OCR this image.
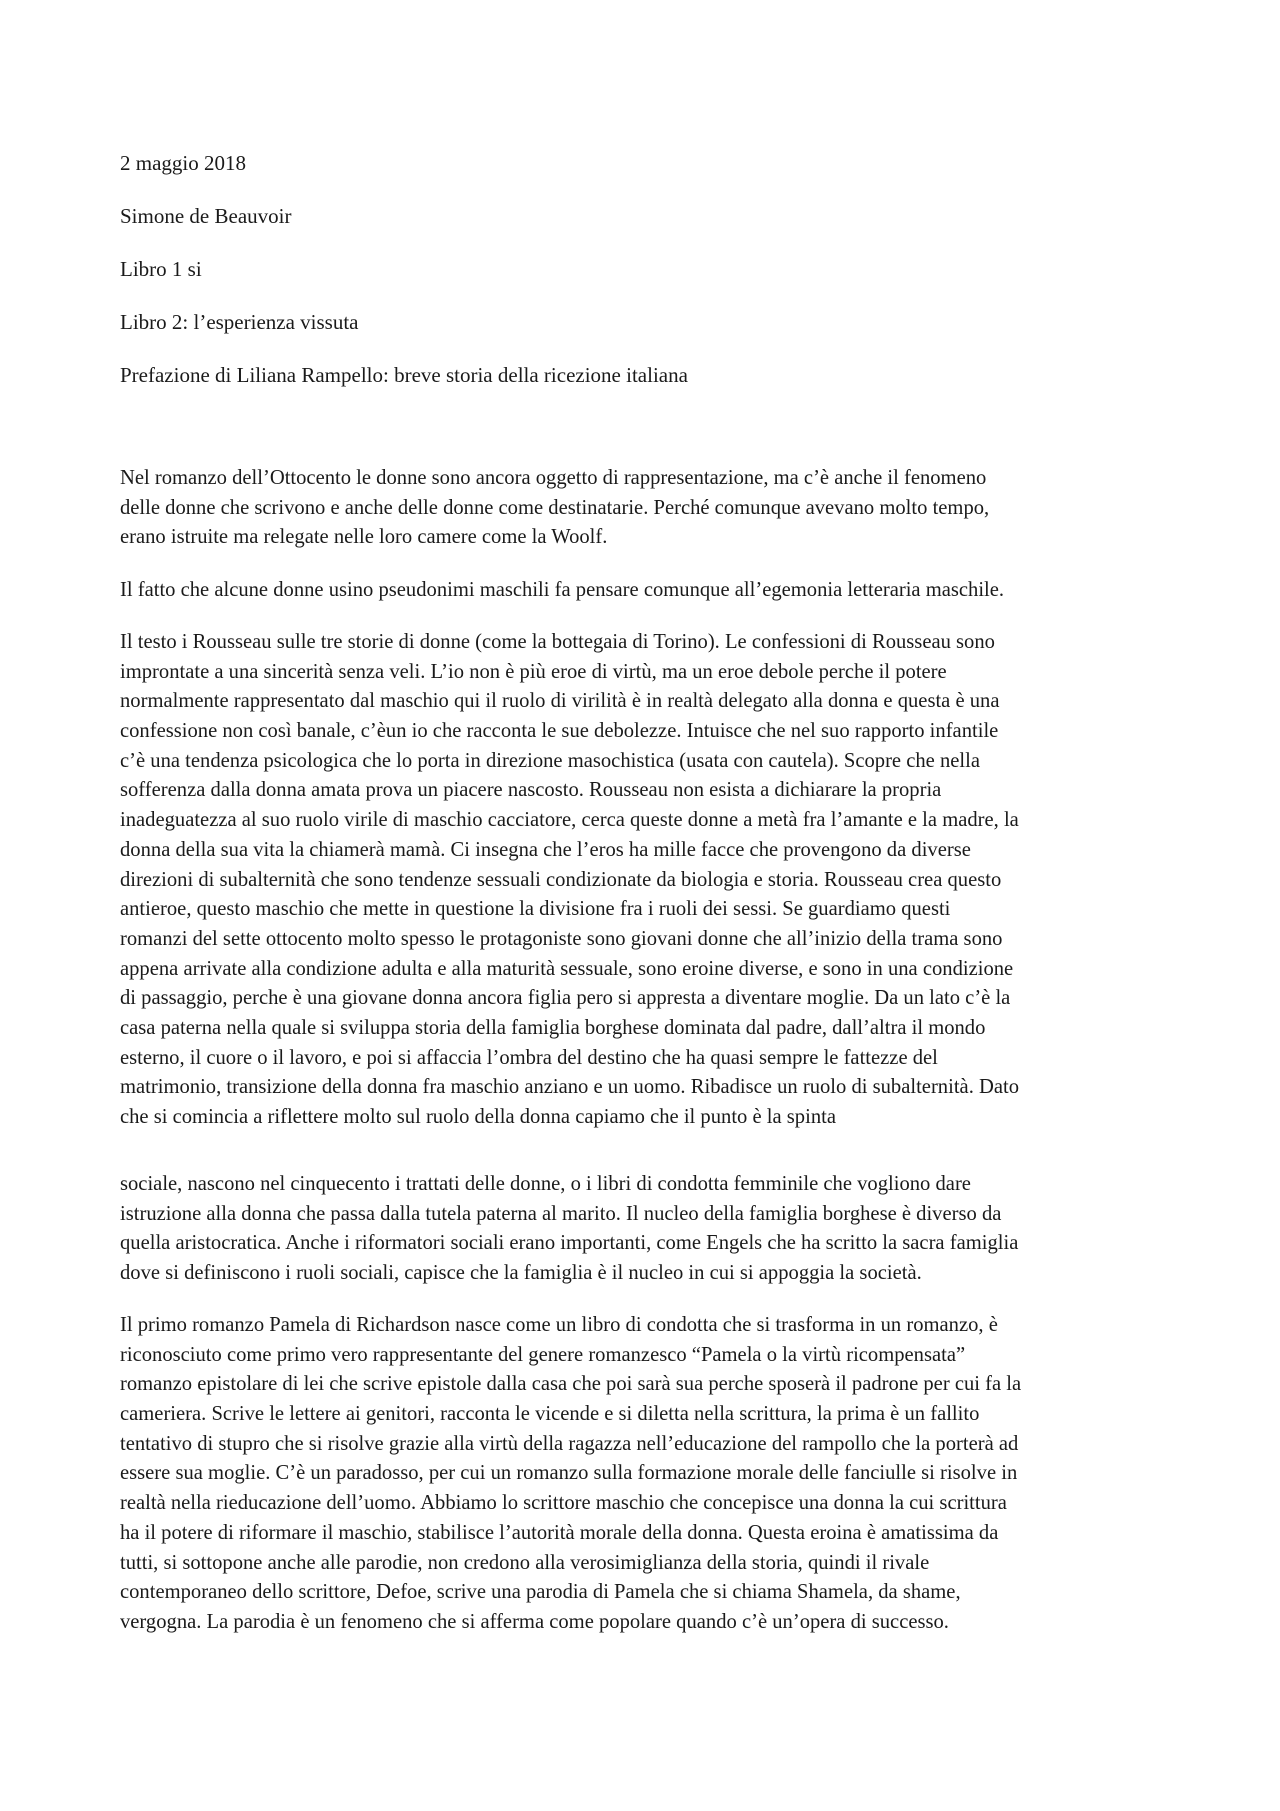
2 maggio 2018

Simone de Beauvoir

Libro 1 si

Libro 2: l’esperienza vissuta

Prefazione di Liliana Rampello: breve storia della ricezione italiana

Nel romanzo dell’Ottocento le donne sono ancora oggetto di rappresentazione, ma c’è anche il fenomeno
delle donne che scrivono e anche delle donne come destinatarie. Perché comunque avevano molto tempo,
erano istruite ma relegate nelle loro camere come la Woolf.
Il fatto che alcune donne usino pseudonimi maschili fa pensare comunque all’egemonia letteraria maschile.
Il testo i Rousseau sulle tre storie di donne (come la bottegaia di Torino). Le confessioni di Rousseau sono
improntate a una sincerità senza veli. L’io non è più eroe di virtù, ma un eroe debole perche il potere
normalmente rappresentato dal maschio qui il ruolo di virilità è in realtà delegato alla donna e questa è una
confessione non così banale, c’èun io che racconta le sue debolezze. Intuisce che nel suo rapporto infantile
c’è una tendenza psicologica che lo porta in direzione masochistica (usata con cautela). Scopre che nella
sofferenza dalla donna amata prova un piacere nascosto. Rousseau non esista a dichiarare la propria
inadeguatezza al suo ruolo virile di maschio cacciatore, cerca queste donne a metà fra l’amante e la madre, la
donna della sua vita la chiamerà mamà. Ci insegna che l’eros ha mille facce che provengono da diverse
direzioni di subalternità che sono tendenze sessuali condizionate da biologia e storia. Rousseau crea questo
antieroe, questo maschio che mette in questione la divisione fra i ruoli dei sessi. Se guardiamo questi
romanzi del sette ottocento molto spesso le protagoniste sono giovani donne che all’inizio della trama sono
appena arrivate alla condizione adulta e alla maturità sessuale, sono eroine diverse, e sono in una condizione
di passaggio, perche è una giovane donna ancora figlia pero si appresta a diventare moglie. Da un lato c’è la
casa paterna nella quale si sviluppa storia della famiglia borghese dominata dal padre, dall’altra il mondo
esterno, il cuore o il lavoro, e poi si affaccia l’ombra del destino che ha quasi sempre le fattezze del
matrimonio, transizione della donna fra maschio anziano e un uomo. Ribadisce un ruolo di subalternità. Dato
che si comincia a riflettere molto sul ruolo della donna capiamo che il punto è la spinta
sociale, nascono nel cinquecento i trattati delle donne, o i libri di condotta femminile che vogliono dare
istruzione alla donna che passa dalla tutela paterna al marito. Il nucleo della famiglia borghese è diverso da
quella aristocratica. Anche i riformatori sociali erano importanti, come Engels che ha scritto la sacra famiglia
dove si definiscono i ruoli sociali, capisce che la famiglia è il nucleo in cui si appoggia la società.
Il primo romanzo Pamela di Richardson nasce come un libro di condotta che si trasforma in un romanzo, è
riconosciuto come primo vero rappresentante del genere romanzesco “Pamela o la virtù ricompensata”
romanzo epistolare di lei che scrive epistole dalla casa che poi sarà sua perche sposerà il padrone per cui fa la
cameriera. Scrive le lettere ai genitori, racconta le vicende e si diletta nella scrittura, la prima è un fallito
tentativo di stupro che si risolve grazie alla virtù della ragazza nell’educazione del rampollo che la porterà ad
essere sua moglie. C’è un paradosso, per cui un romanzo sulla formazione morale delle fanciulle si risolve in
realtà nella rieducazione dell’uomo. Abbiamo lo scrittore maschio che concepisce una donna la cui scrittura
ha il potere di riformare il maschio, stabilisce l’autorità morale della donna. Questa eroina è amatissima da
tutti, si sottopone anche alle parodie, non credono alla verosimiglianza della storia, quindi il rivale
contemporaneo dello scrittore, Defoe, scrive una parodia di Pamela che si chiama Shamela, da shame,
vergogna. La parodia è un fenomeno che si afferma come popolare quando c’è un’opera di successo.
